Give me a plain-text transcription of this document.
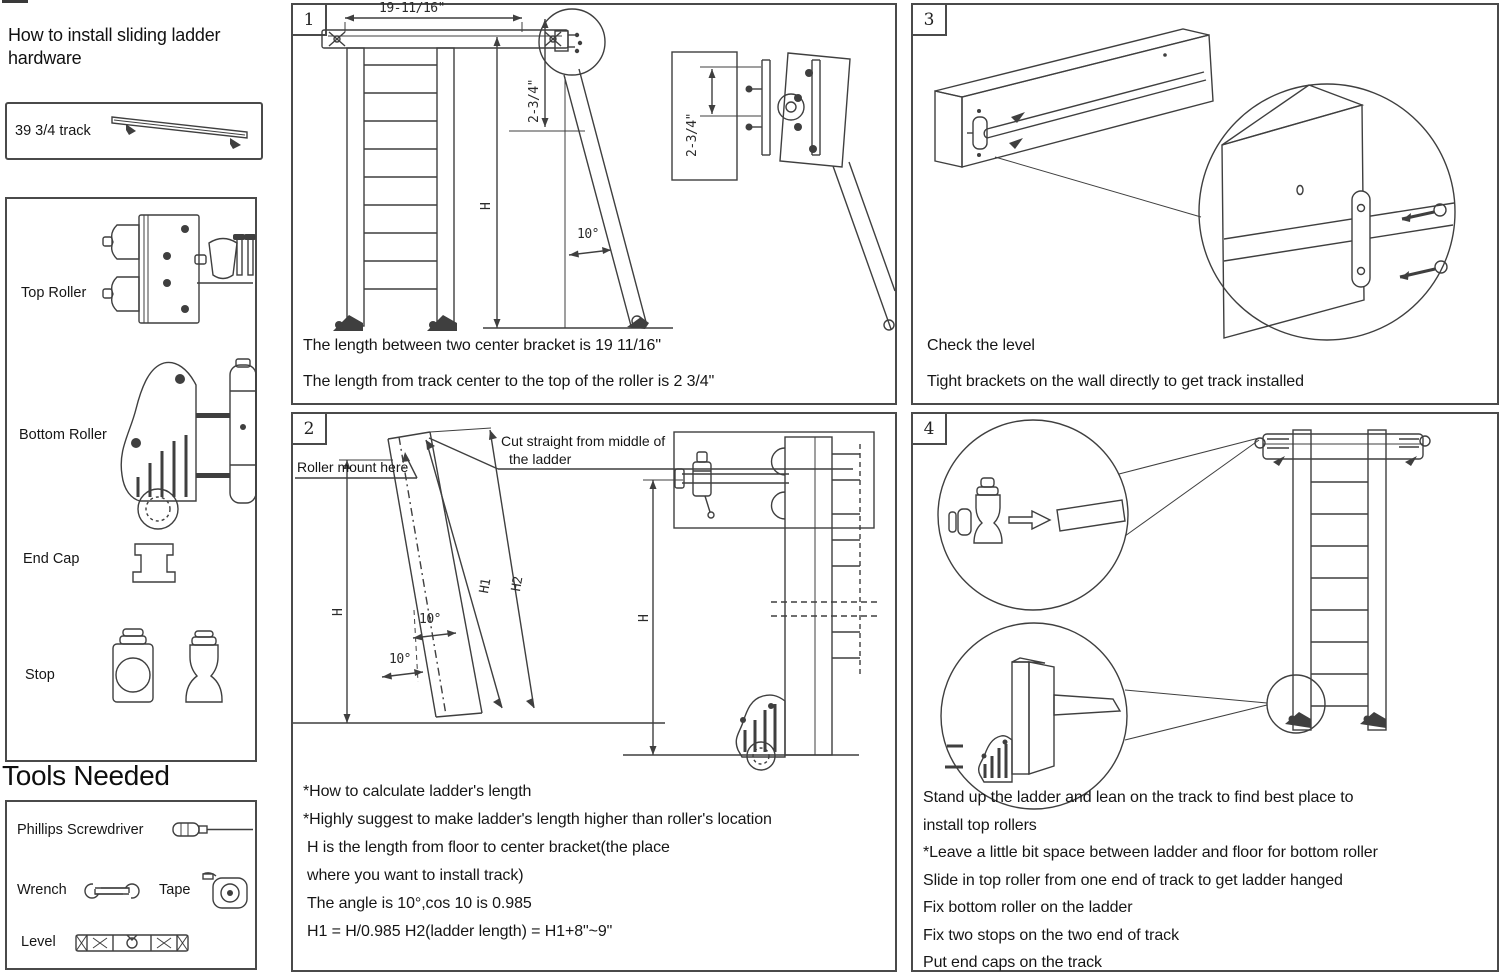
How to install sliding ladder hardware
39 3/4 track
Top Roller
Bottom Roller
End Cap
Stop
Tools Needed
Phillips Screwdriver
Wrench	Tape
Level
1
19-11/16"
2-3/4"
H
10°
2-3/4"
The length between two center bracket is 19 11/16"
The length from track center to the top of the roller is 2 3/4"
2
Roller mount here
Cut straight from middle of
the ladder
H
H1 H2
10°
10°
H
*How to calculate ladder's length
*Highly suggest to make ladder's length higher than roller's location
H is the length from floor to center bracket(the place
where you want to install track)
The angle is 10°,cos 10 is 0.985
H1 = H/0.985 H2(ladder length) = H1+8"~9"
3
Check the level
Tight brackets on the wall directly to get track installed
4
Stand up the ladder and lean on the track to find best place to
install top rollers
*Leave a little bit space between ladder and floor for bottom roller
Slide in top roller from one end of track to get ladder hanged
Fix bottom roller on the ladder
Fix two stops on the two end of track
Put end caps on the track
